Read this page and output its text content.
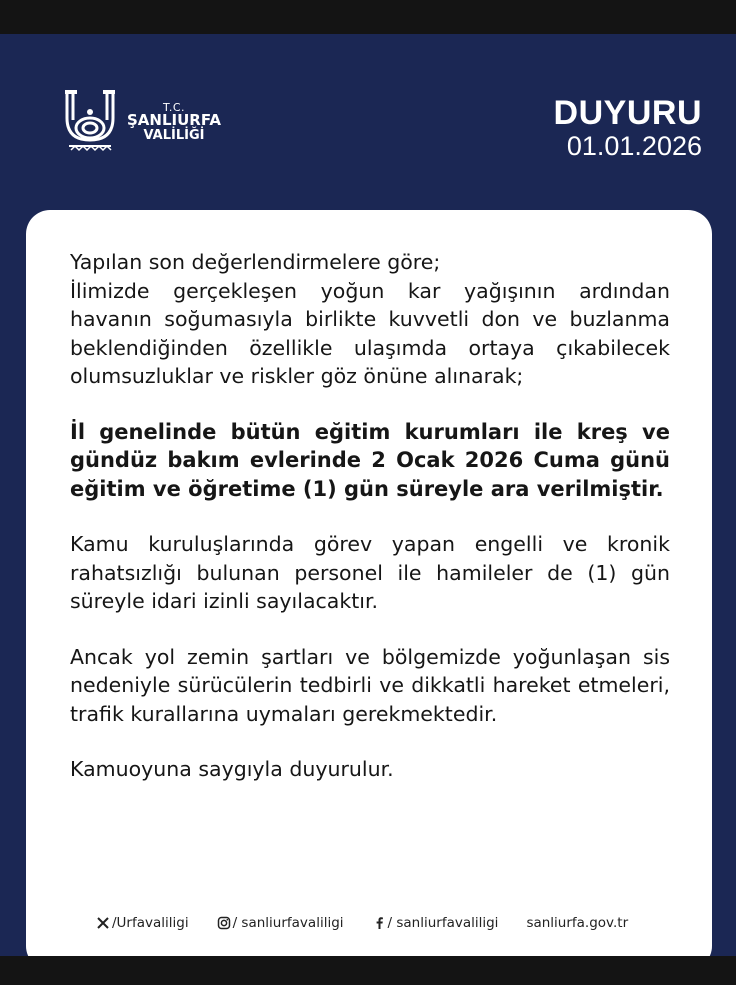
T.C.
ŞANLIURFA
VALİLİĞİ
DUYURU
01.01.2026

Yapılan son değerlendirmelere göre;

İlimizde gerçekleşen yoğun kar yağışının ardından havanın soğumasıyla birlikte kuvvetli don ve buzlanma beklendiğinden özellikle ulaşımda ortaya çıkabilecek olumsuzluklar ve riskler göz önüne alınarak;

İl genelinde bütün eğitim kurumları ile kreş ve gündüz bakım evlerinde 2 Ocak 2026 Cuma günü eğitim ve öğretime (1) gün süreyle ara verilmiştir.

Kamu kuruluşlarında görev yapan engelli ve kronik rahatsızlığı bulunan personel ile hamileler de (1) gün süreyle idari izinli sayılacaktır.

Ancak yol zemin şartları ve bölgemizde yoğunlaşan sis nedeniyle sürücülerin tedbirli ve dikkatli hareket etmeleri, trafik kurallarına uymaları gerekmektedir.

Kamuoyuna saygıyla duyurulur.

/Urfavaliligi	/ sanliurfavaliligi	/ sanliurfavaliligi sanliurfa.gov.tr
